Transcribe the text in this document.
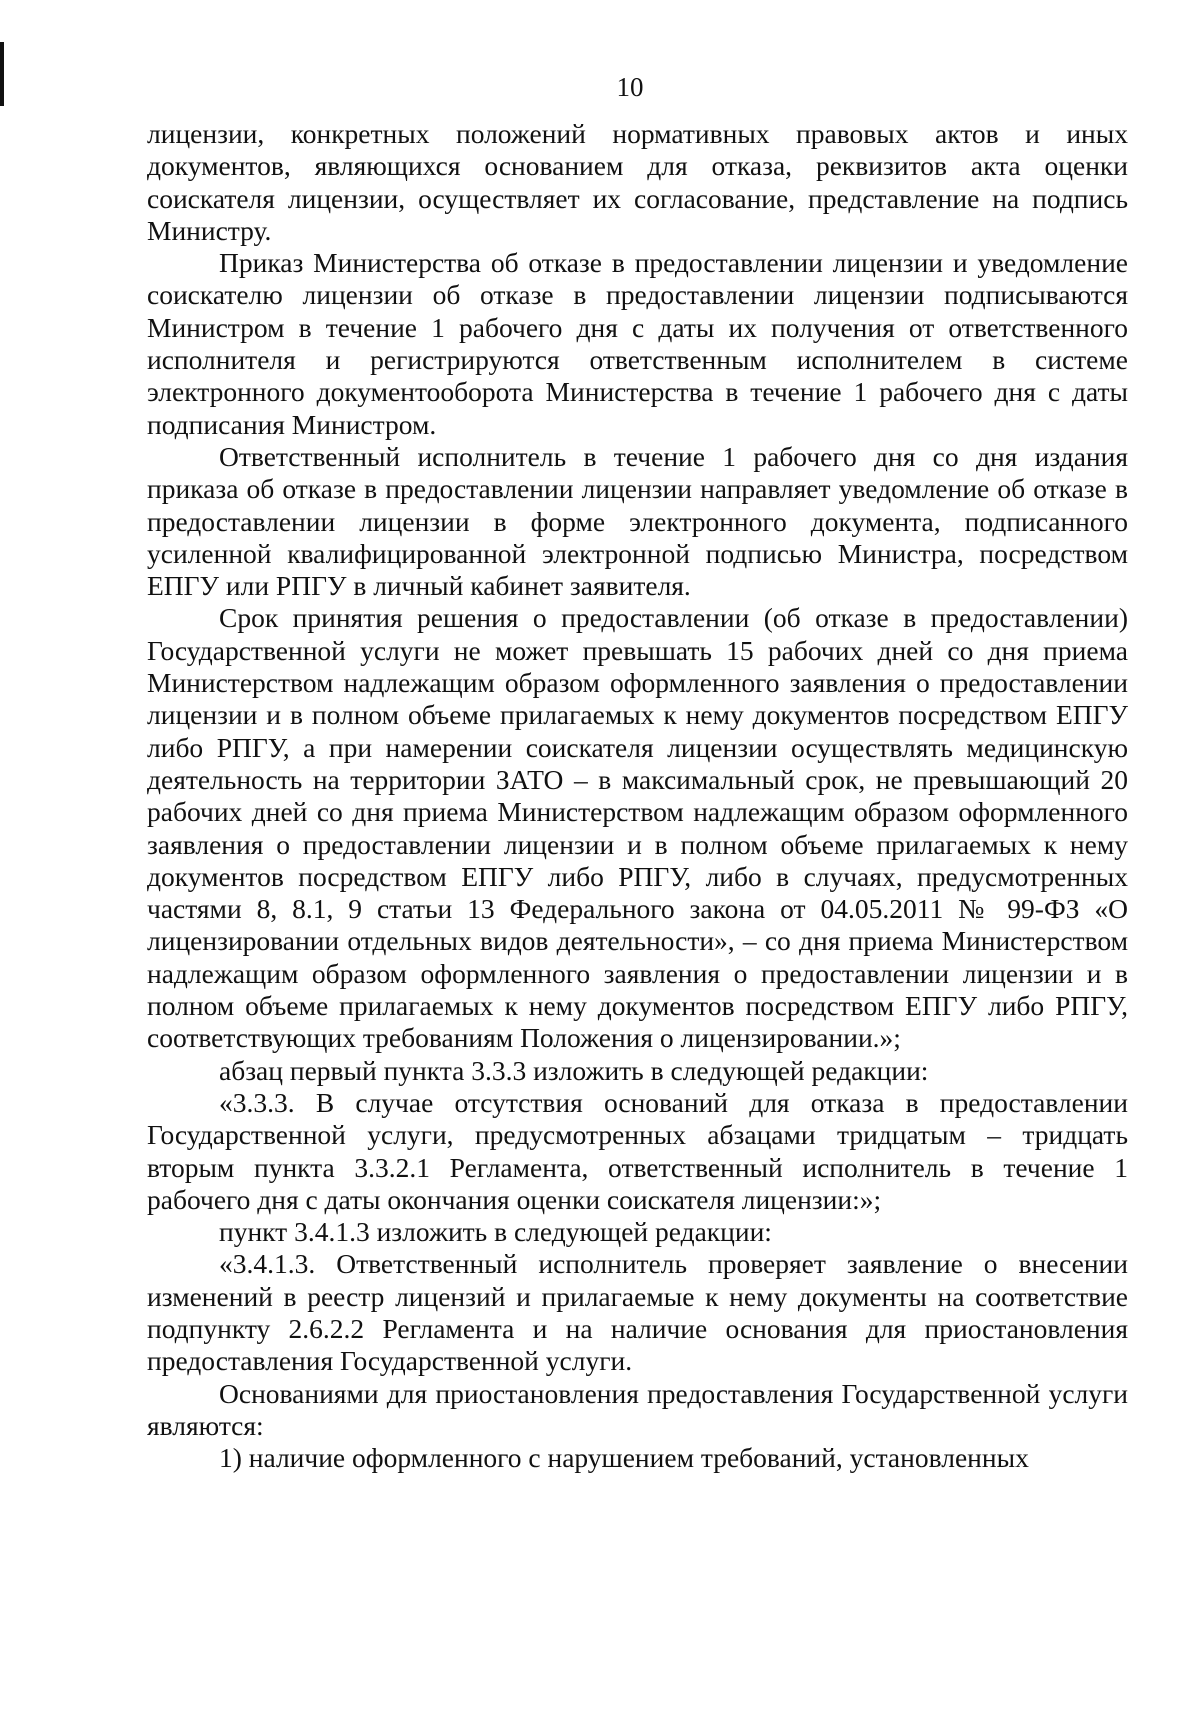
10

лицензии, конкретных положений нормативных правовых актов и иных документов, являющихся основанием для отказа, реквизитов акта оценки соискателя лицензии, осуществляет их согласование, представление на подпись Министру.

Приказ Министерства об отказе в предоставлении лицензии и уведомление соискателю лицензии об отказе в предоставлении лицензии подписываются Министром в течение 1 рабочего дня с даты их получения от ответственного исполнителя и регистрируются ответственным исполнителем в системе электронного документооборота Министерства в течение 1 рабочего дня с даты подписания Министром.

Ответственный исполнитель в течение 1 рабочего дня со дня издания приказа об отказе в предоставлении лицензии направляет уведомление об отказе в предоставлении лицензии в форме электронного документа, подписанного усиленной квалифицированной электронной подписью Министра, посредством ЕПГУ или РПГУ в личный кабинет заявителя.

Срок принятия решения о предоставлении (об отказе в предоставлении) Государственной услуги не может превышать 15 рабочих дней со дня приема Министерством надлежащим образом оформленного заявления о предоставлении лицензии и в полном объеме прилагаемых к нему документов посредством ЕПГУ либо РПГУ, а при намерении соискателя лицензии осуществлять медицинскую деятельность на территории ЗАТО – в максимальный срок, не превышающий 20 рабочих дней со дня приема Министерством надлежащим образом оформленного заявления о предоставлении лицензии и в полном объеме прилагаемых к нему документов посредством ЕПГУ либо РПГУ, либо в случаях, предусмотренных частями 8, 8.1, 9 статьи 13 Федерального закона от 04.05.2011 № 99-ФЗ «О лицензировании отдельных видов деятельности», – со дня приема Министерством надлежащим образом оформленного заявления о предоставлении лицензии и в полном объеме прилагаемых к нему документов посредством ЕПГУ либо РПГУ, соответствующих требованиям Положения о лицензировании.»;

абзац первый пункта 3.3.3 изложить в следующей редакции:

«3.3.3. В случае отсутствия оснований для отказа в предоставлении Государственной услуги, предусмотренных абзацами тридцатым – тридцать вторым пункта 3.3.2.1 Регламента, ответственный исполнитель в течение 1 рабочего дня с даты окончания оценки соискателя лицензии:»;

пункт 3.4.1.3 изложить в следующей редакции:

«3.4.1.3. Ответственный исполнитель проверяет заявление о внесении изменений в реестр лицензий и прилагаемые к нему документы на соответствие подпункту 2.6.2.2 Регламента и на наличие основания для приостановления предоставления Государственной услуги.

Основаниями для приостановления предоставления Государственной услуги являются:

1) наличие оформленного с нарушением требований, установленных
